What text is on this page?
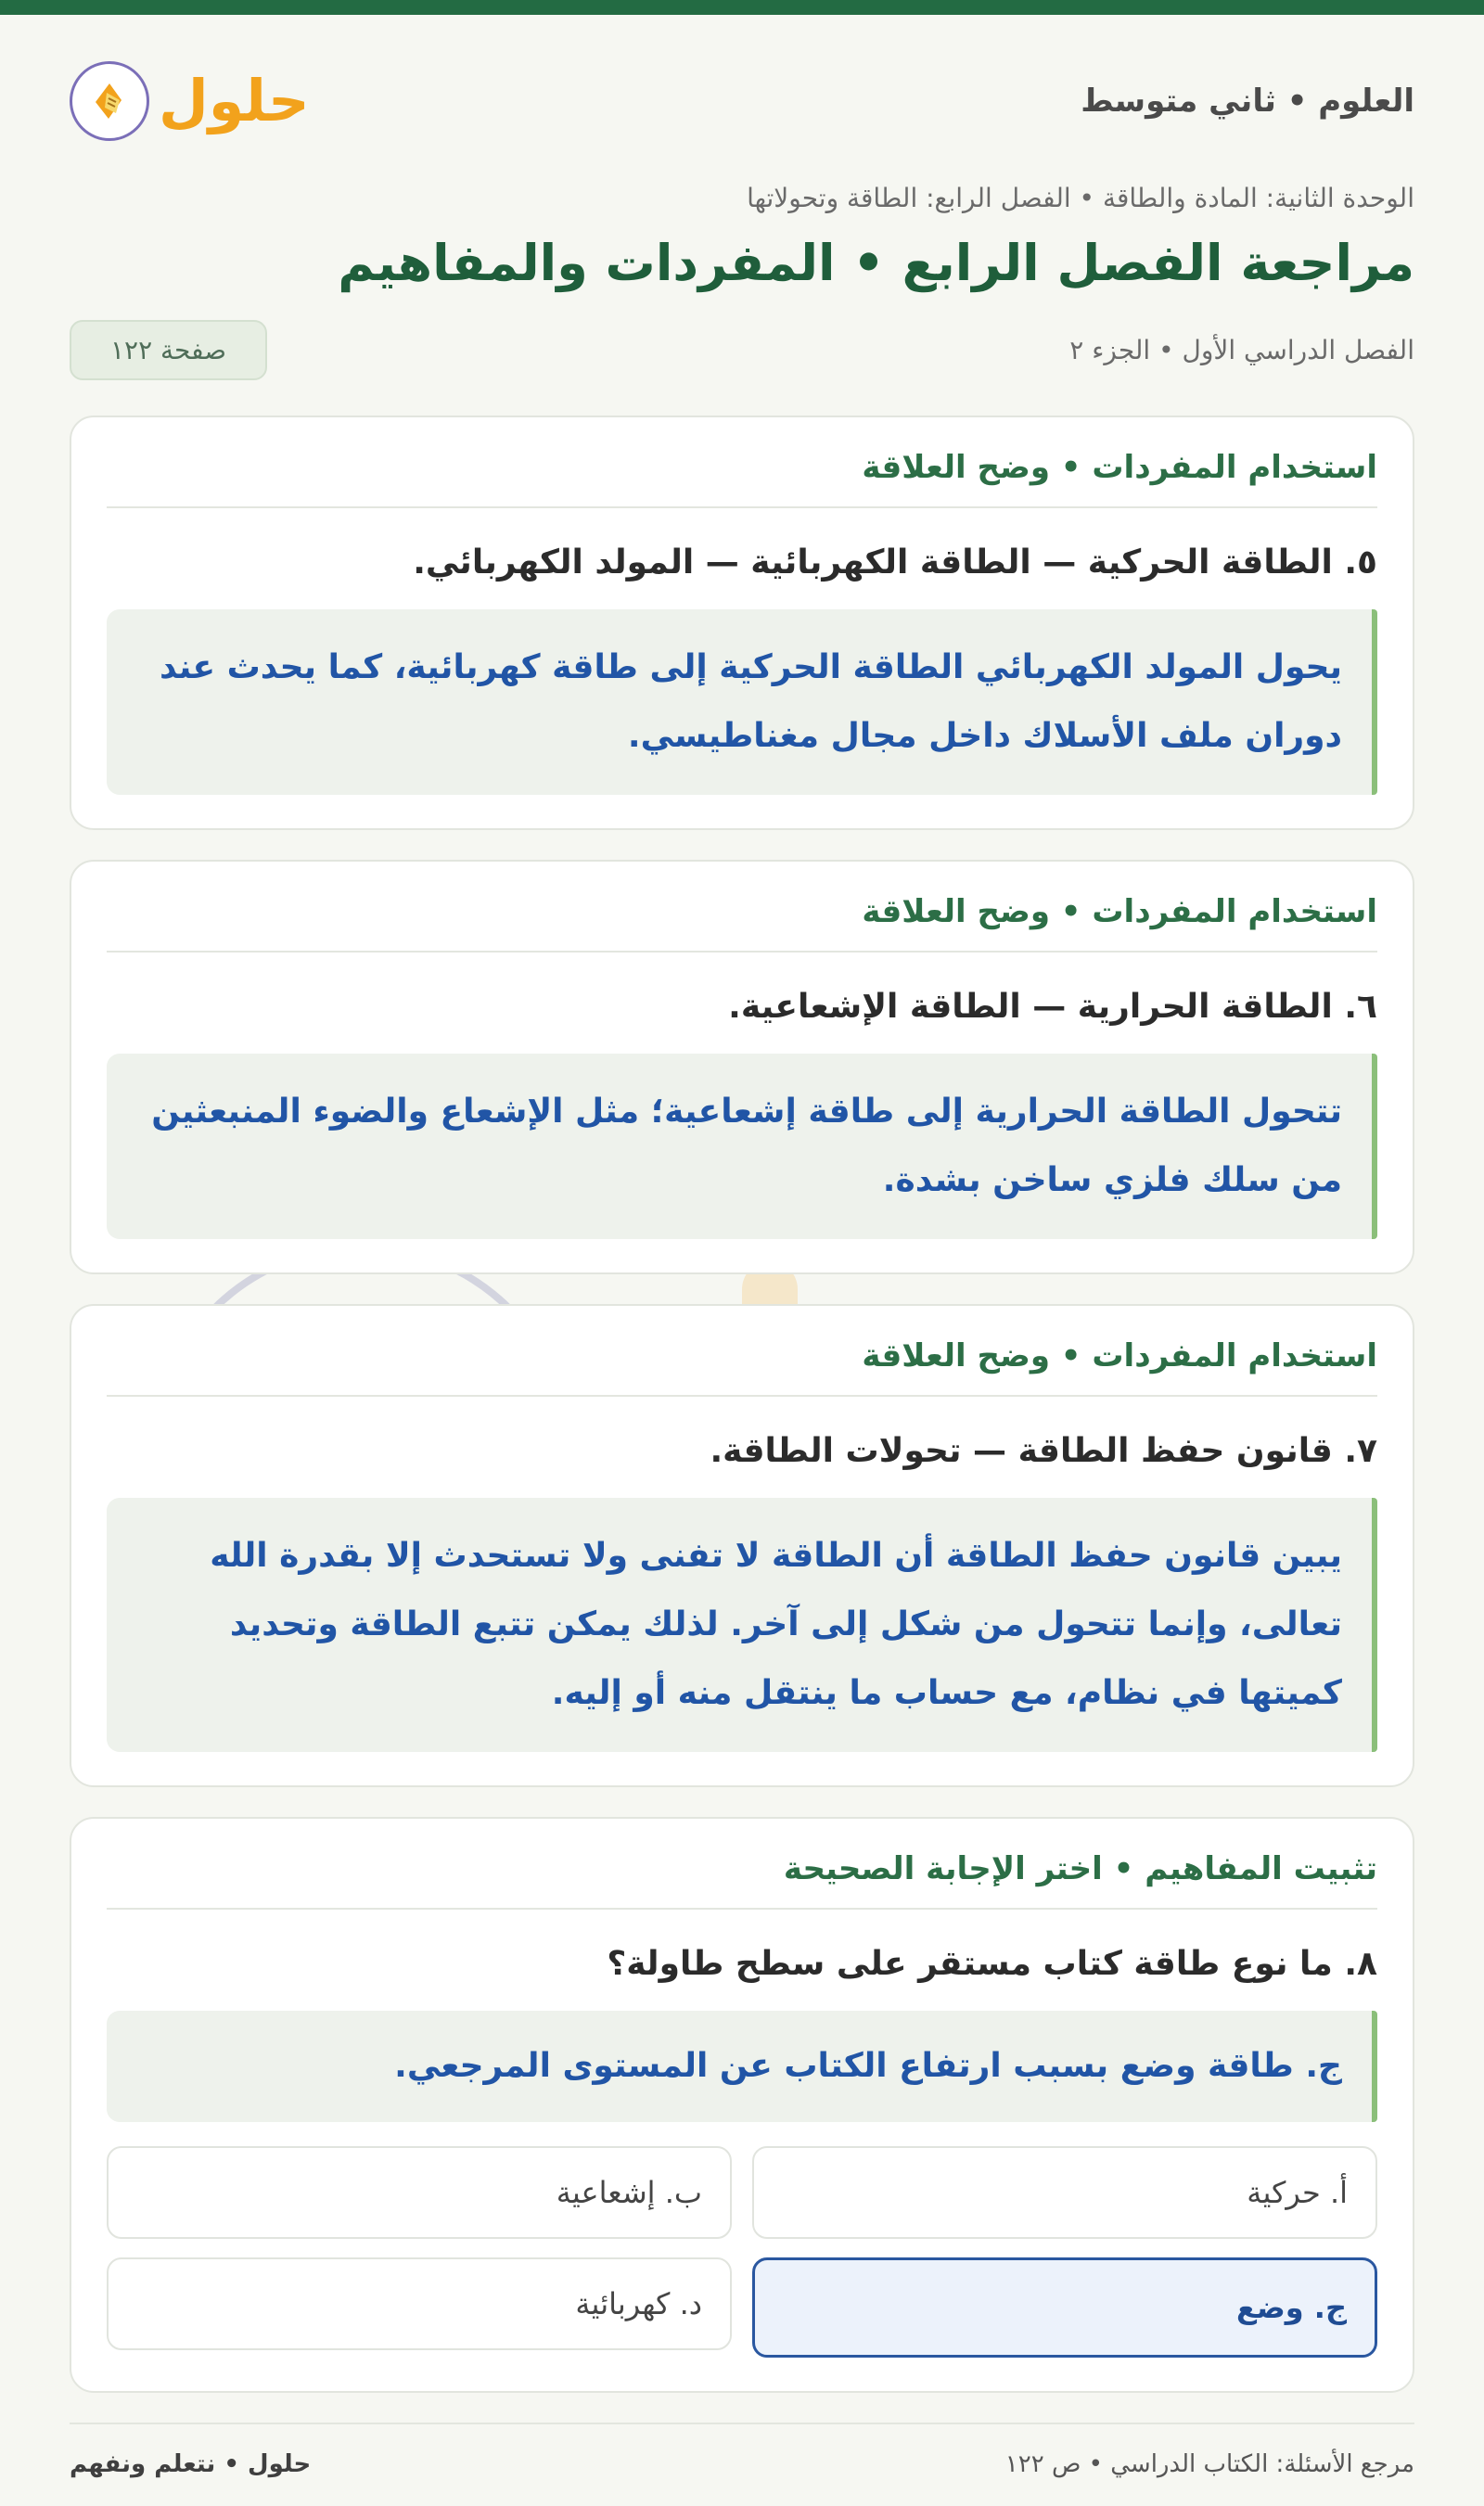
العلوم • ثاني متوسط
حلول
الوحدة الثانية: المادة والطاقة • الفصل الرابع: الطاقة وتحولاتها
مراجعة الفصل الرابع • المفردات والمفاهيم
الفصل الدراسي الأول • الجزء ٢
صفحة ١٢٢
استخدام المفردات • وضح العلاقة
٥. الطاقة الحركية — الطاقة الكهربائية — المولد الكهربائي.
يحول المولد الكهربائي الطاقة الحركية إلى طاقة كهربائية، كما يحدث عند دوران ملف الأسلاك داخل مجال مغناطيسي.
استخدام المفردات • وضح العلاقة
٦. الطاقة الحرارية — الطاقة الإشعاعية.
تتحول الطاقة الحرارية إلى طاقة إشعاعية؛ مثل الإشعاع والضوء المنبعثين من سلك فلزي ساخن بشدة.
استخدام المفردات • وضح العلاقة
٧. قانون حفظ الطاقة — تحولات الطاقة.
يبين قانون حفظ الطاقة أن الطاقة لا تفنى ولا تستحدث إلا بقدرة الله تعالى، وإنما تتحول من شكل إلى آخر. لذلك يمكن تتبع الطاقة وتحديد كميتها في نظام، مع حساب ما ينتقل منه أو إليه.
تثبيت المفاهيم • اختر الإجابة الصحيحة
٨. ما نوع طاقة كتاب مستقر على سطح طاولة؟
ج. طاقة وضع بسبب ارتفاع الكتاب عن المستوى المرجعي.
أ. حركية
ب. إشعاعية
ج. وضع
د. كهربائية
مرجع الأسئلة: الكتاب الدراسي • ص ١٢٢
حلول • نتعلم ونفهم
